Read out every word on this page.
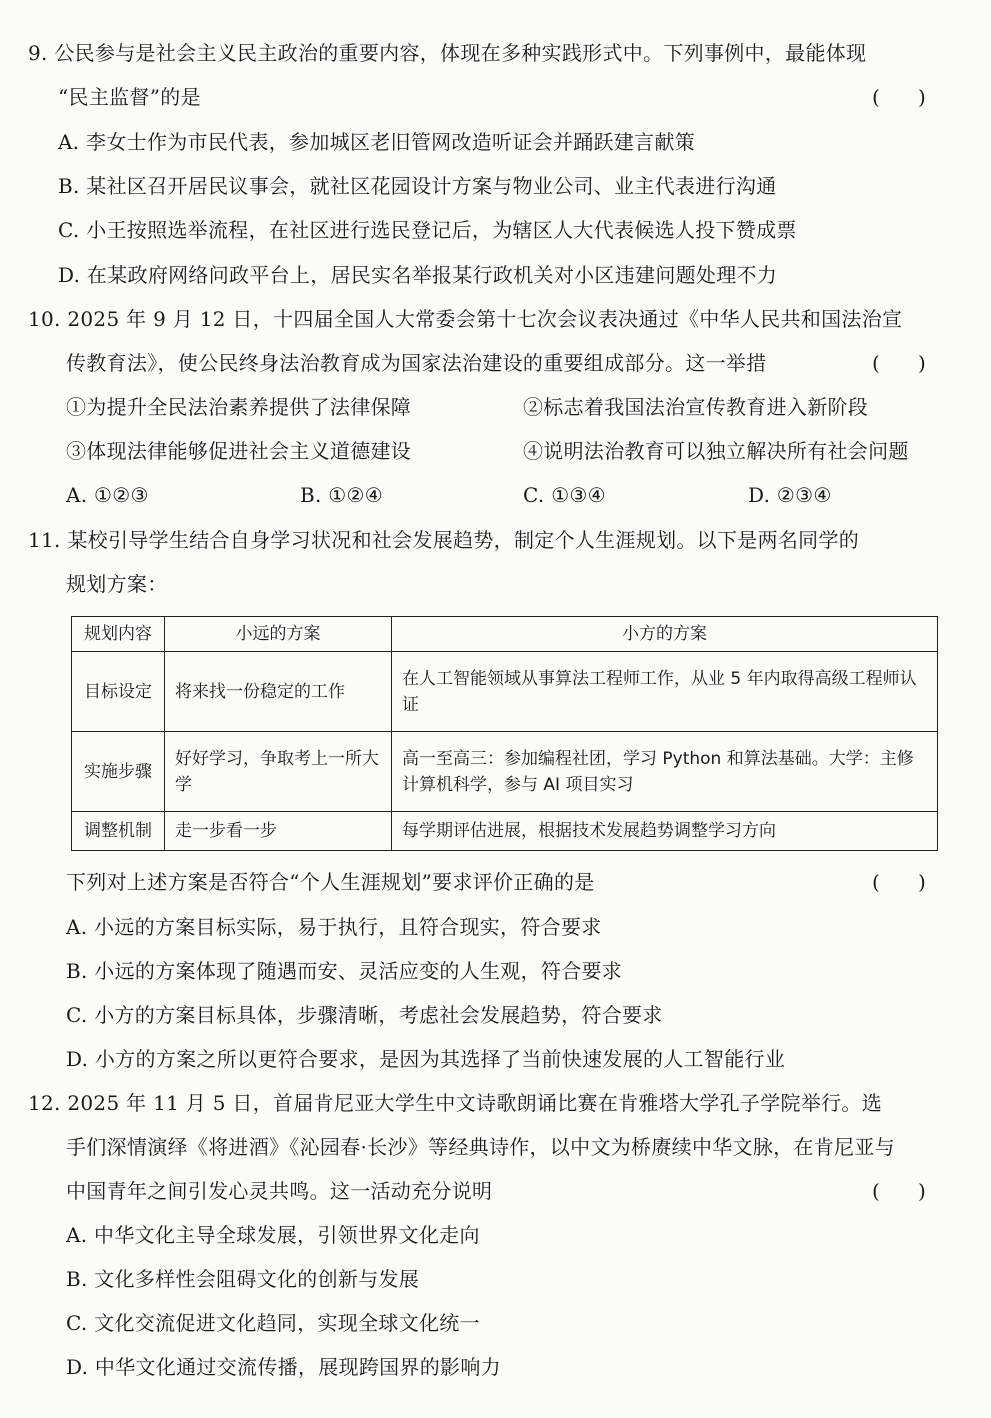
9. 公民参与是社会主义民主政治的重要内容，体现在多种实践形式中。下列事例中，最能体现
“民主监督”的是	(      )
A. 李女士作为市民代表，参加城区老旧管网改造听证会并踊跃建言献策
B. 某社区召开居民议事会，就社区花园设计方案与物业公司、业主代表进行沟通
C. 小王按照选举流程，在社区进行选民登记后，为辖区人大代表候选人投下赞成票
D. 在某政府网络问政平台上，居民实名举报某行政机关对小区违建问题处理不力
10. 2025 年 9 月 12 日，十四届全国人大常委会第十七次会议表决通过《中华人民共和国法治宣
传教育法》，使公民终身法治教育成为国家法治建设的重要组成部分。这一举措	(      )
①为提升全民法治素养提供了法律保障	②标志着我国法治宣传教育进入新阶段
③体现法律能够促进社会主义道德建设	④说明法治教育可以独立解决所有社会问题
A. ①②③	B. ①②④	C. ①③④	D. ②③④
11. 某校引导学生结合自身学习状况和社会发展趋势，制定个人生涯规划。以下是两名同学的
规划方案：
规划内容	小远的方案	小方的方案
目标设定	将来找一份稳定的工作	在人工智能领域从事算法工程师工作，从业 5 年内取得高级工程师认证
实施步骤	好好学习，争取考上一所大学	高一至高三：参加编程社团，学习 Python 和算法基础。大学：主修计算机科学，参与 AI 项目实习
调整机制	走一步看一步	每学期评估进展，根据技术发展趋势调整学习方向
下列对上述方案是否符合“个人生涯规划”要求评价正确的是	(      )
A. 小远的方案目标实际，易于执行，且符合现实，符合要求
B. 小远的方案体现了随遇而安、灵活应变的人生观，符合要求
C. 小方的方案目标具体，步骤清晰，考虑社会发展趋势，符合要求
D. 小方的方案之所以更符合要求，是因为其选择了当前快速发展的人工智能行业
12. 2025 年 11 月 5 日，首届肯尼亚大学生中文诗歌朗诵比赛在肯雅塔大学孔子学院举行。选
手们深情演绎《将进酒》《沁园春·长沙》等经典诗作，以中文为桥赓续中华文脉，在肯尼亚与
中国青年之间引发心灵共鸣。这一活动充分说明	(      )
A. 中华文化主导全球发展，引领世界文化走向
B. 文化多样性会阻碍文化的创新与发展
C. 文化交流促进文化趋同，实现全球文化统一
D. 中华文化通过交流传播，展现跨国界的影响力
